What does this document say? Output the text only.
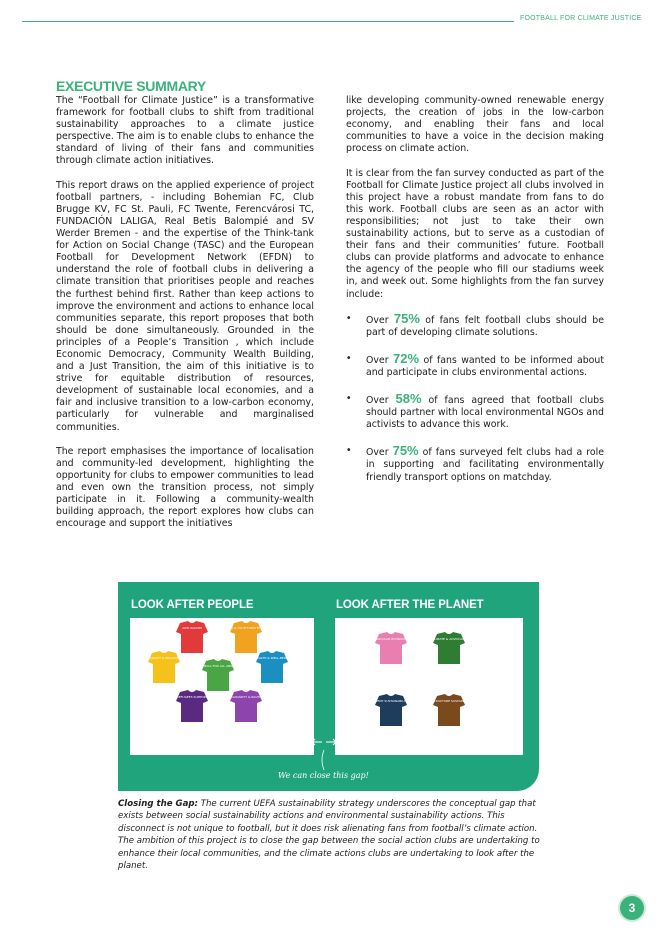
FOOTBALL FOR CLIMATE JUSTICE
EXECUTIVE SUMMARY

The “Football for Climate Justice” is a transformative framework for football clubs to shift from traditional sustainability approaches to a climate justice perspective. The aim is to enable clubs to enhance the standard of living of their fans and communities through climate action initiatives.

This report draws on the applied experience of project football partners, - including Bohemian FC, Club Brugge KV, FC St. Pauli, FC Twente, Ferencvárosi TC, FUNDACIÓN LALIGA, Real Betis Balompié and SV Werder Bremen - and the expertise of the Think-tank for Action on Social Change (TASC) and the European Football for Development Network (EFDN) to understand the role of football clubs in delivering a climate transition that prioritises people and reaches the furthest behind first. Rather than keep actions to improve the environment and actions to enhance local communities separate, this report proposes that both should be done simultaneously. Grounded in the principles of a People’s Transition , which include Economic Democracy, Community Wealth Building, and a Just Transition, the aim of this initiative is to strive for equitable distribution of resources, development of sustainable local economies, and a fair and inclusive transition to a low-carbon economy, particularly for vulnerable and marginalised communities.

The report emphasises the importance of localisation and community-led development, highlighting the opportunity for clubs to empower communities to lead and even own the transition process, not simply participate in it. Following a community-wealth building approach, the report explores how clubs can encourage and support the initiatives

like developing community-owned renewable energy projects, the creation of jobs in the low-carbon economy, and enabling their fans and local communities to have a voice in the decision making process on climate action.

It is clear from the fan survey conducted as part of the Football for Climate Justice project all clubs involved in this project have a robust mandate from fans to do this work. Football clubs are seen as an actor with responsibilities; not just to take their own sustainability actions, but to serve as a custodian of their fans and their communities’ future. Football clubs can provide platforms and advocate to enhance the agency of the people who fill our stadiums week in, and week out. Some highlights from the fan survey include:

• Over 75% of fans felt football clubs should be part of developing climate solutions.
• Over 72% of fans wanted to be informed about and participate in clubs environmental actions.
• Over 58% of fans agreed that football clubs should partner with local environmental NGOs and activists to advance this work.
• Over 75% of fans surveyed felt clubs had a role in supporting and facilitating environmentally friendly transport options on matchday.
LOOK AFTER PEOPLE	LOOK AFTER THE PLANET
ANTI-RACISM	CHILD & YOUTH PROTECTION
EQUALITY & INCLUSION
FOOTBALL FOR ALL ABILITIES
HEALTH & WELL-BEING
REFUGEES SUPPORT	SOLIDARITY & RIGHTS
CIRCULAR ECONOMY	CLIMATE & ADVOCACY
EVENT SUSTAINABILITY	INFRASTRUCTURE SUSTAINABILITY
We can close this gap!
Closing the Gap: The current UEFA sustainability strategy underscores the conceptual gap that exists between social sustainability actions and environmental sustainability actions. This disconnect is not unique to football, but it does risk alienating fans from football’s climate action. The ambition of this project is to close the gap between the social action clubs are undertaking to enhance their local communities, and the climate actions clubs are undertaking to look after the planet.
3
